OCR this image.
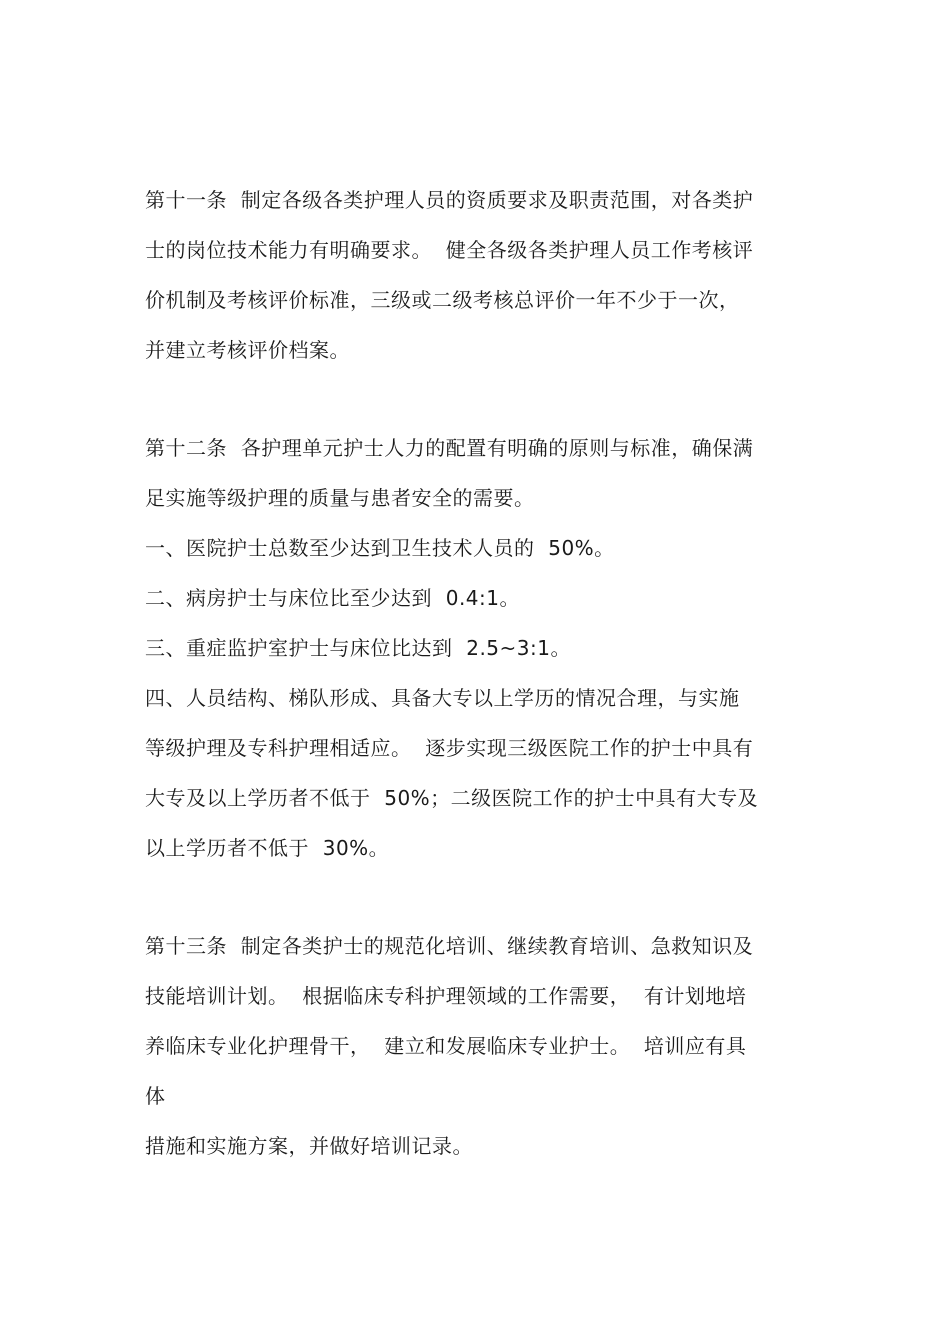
第十一条  制定各级各类护理人员的资质要求及职责范围，对各类护
士的岗位技术能力有明确要求。  健全各级各类护理人员工作考核评
价机制及考核评价标准，三级或二级考核总评价一年不少于一次，
并建立考核评价档案。
第十二条  各护理单元护士人力的配置有明确的原则与标准，确保满
足实施等级护理的质量与患者安全的需要。
一、医院护士总数至少达到卫生技术人员的  50%。
二、病房护士与床位比至少达到  0.4:1。
三、重症监护室护士与床位比达到  2.5~3:1。
四、人员结构、梯队形成、具备大专以上学历的情况合理，与实施
等级护理及专科护理相适应。  逐步实现三级医院工作的护士中具有
大专及以上学历者不低于  50%；二级医院工作的护士中具有大专及
以上学历者不低于  30%。
第十三条  制定各类护士的规范化培训、继续教育培训、急救知识及
技能培训计划。  根据临床专科护理领域的工作需要，  有计划地培
养临床专业化护理骨干，  建立和发展临床专业护士。  培训应有具
体
措施和实施方案，并做好培训记录。
